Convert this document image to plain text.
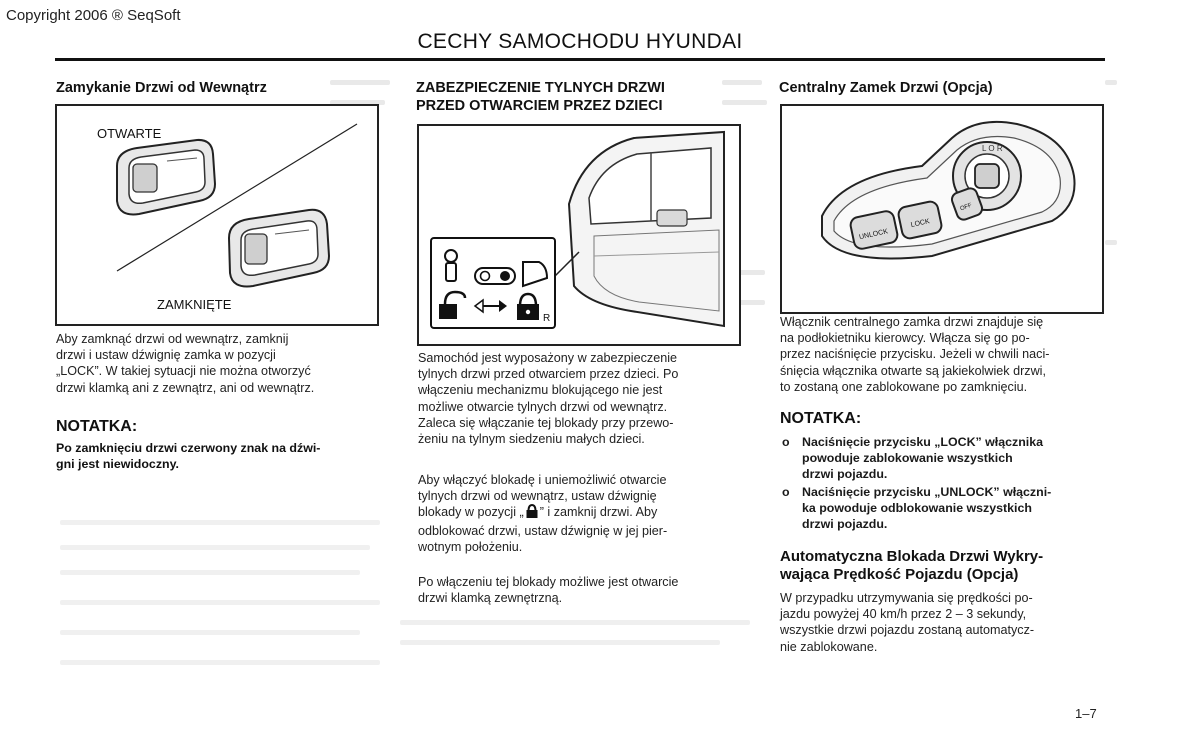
Copyright 2006 ® SeqSoft
CECHY SAMOCHODU HYUNDAI
Zamykanie Drzwi od Wewnątrz
OTWARTE
ZAMKNIĘTE
Aby zamknąć drzwi od wewnątrz, zamknij
drzwi i ustaw dźwignię zamka w pozycji
„LOCK”. W takiej sytuacji nie można otworzyć
drzwi klamką ani z zewnątrz, ani od wewnątrz.
NOTATKA:
Po zamknięciu drzwi czerwony znak na dźwi-
gni jest niewidoczny.
ZABEZPIECZENIE TYLNYCH DRZWI
PRZED OTWARCIEM PRZEZ DZIECI
R
Samochód jest wyposażony w zabezpieczenie
tylnych drzwi przed otwarciem przez dzieci. Po
włączeniu mechanizmu blokującego nie jest
możliwe otwarcie tylnych drzwi od wewnątrz.
Zaleca się włączanie tej blokady przy przewo-
żeniu na tylnym siedzeniu małych dzieci.
Aby włączyć blokadę i uniemożliwić otwarcie
tylnych drzwi od wewnątrz, ustaw dźwignię
blokady w pozycji „ ” i zamknij drzwi. Aby
odblokować drzwi, ustaw dźwignię w jej pier-
wotnym położeniu.
Po włączeniu tej blokady możliwe jest otwarcie
drzwi klamką zewnętrzną.
Centralny Zamek Drzwi (Opcja)
L O R
UNLOCK
LOCK
OFF
Włącznik centralnego zamka drzwi znajduje się
na podłokietniku kierowcy. Włącza się go po-
przez naciśnięcie przycisku. Jeżeli w chwili naci-
śnięcia włącznika otwarte są jakiekolwiek drzwi,
to zostaną one zablokowane po zamknięciu.
NOTATKA:
o Naciśnięcie przycisku „LOCK” włącznika
powoduje zablokowanie wszystkich
drzwi pojazdu.
o Naciśnięcie przycisku „UNLOCK” włączni-
ka powoduje odblokowanie wszystkich
drzwi pojazdu.
Automatyczna Blokada Drzwi Wykry-
wająca Prędkość Pojazdu (Opcja)
W przypadku utrzymywania się prędkości po-
jazdu powyżej 40 km/h przez 2 – 3 sekundy,
wszystkie drzwi pojazdu zostaną automatycz-
nie zablokowane.
1–7
